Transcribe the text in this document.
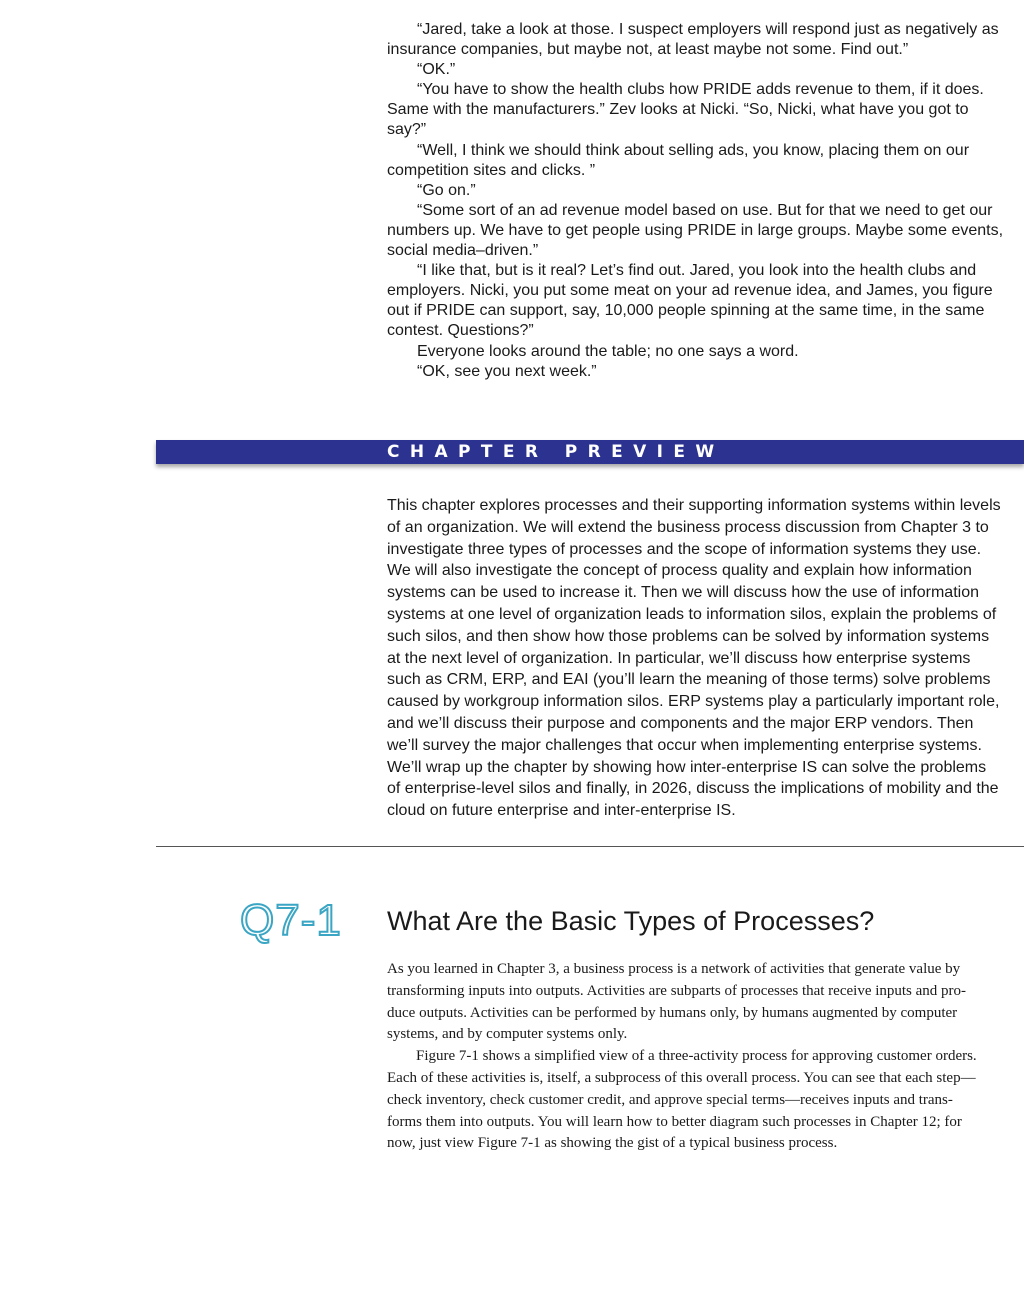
“Jared, take a look at those. I suspect employers will respond just as negatively as
insurance companies, but maybe not, at least maybe not some. Find out.”
“OK.”
“You have to show the health clubs how PRIDE adds revenue to them, if it does.
Same with the manufacturers.” Zev looks at Nicki. “So, Nicki, what have you got to
say?”
“Well, I think we should think about selling ads, you know, placing them on our
competition sites and clicks. ”
“Go on.”
“Some sort of an ad revenue model based on use. But for that we need to get our
numbers up. We have to get people using PRIDE in large groups. Maybe some events,
social media–driven.”
“I like that, but is it real? Let’s find out. Jared, you look into the health clubs and
employers. Nicki, you put some meat on your ad revenue idea, and James, you figure
out if PRIDE can support, say, 10,000 people spinning at the same time, in the same
contest. Questions?”
Everyone looks around the table; no one says a word.
“OK, see you next week.”
CHAPTER PREVIEW
This chapter explores processes and their supporting information systems within levels
of an organization. We will extend the business process discussion from Chapter 3 to
investigate three types of processes and the scope of information systems they use.
We will also investigate the concept of process quality and explain how information
systems can be used to increase it. Then we will discuss how the use of information
systems at one level of organization leads to information silos, explain the problems of
such silos, and then show how those problems can be solved by information systems
at the next level of organization. In particular, we’ll discuss how enterprise systems
such as CRM, ERP, and EAI (you’ll learn the meaning of those terms) solve problems
caused by workgroup information silos. ERP systems play a particularly important role,
and we’ll discuss their purpose and components and the major ERP vendors. Then
we’ll survey the major challenges that occur when implementing enterprise systems.
We’ll wrap up the chapter by showing how inter-enterprise IS can solve the problems
of enterprise-level silos and finally, in 2026, discuss the implications of mobility and the
cloud on future enterprise and inter-enterprise IS.
Q7-1 What Are the Basic Types of Processes?
As you learned in Chapter 3, a business process is a network of activities that generate value by
transforming inputs into outputs. Activities are subparts of processes that receive inputs and pro-
duce outputs. Activities can be performed by humans only, by humans augmented by computer
systems, and by computer systems only.
Figure 7-1 shows a simplified view of a three-activity process for approving customer orders.
Each of these activities is, itself, a subprocess of this overall process. You can see that each step—
check inventory, check customer credit, and approve special terms—receives inputs and trans-
forms them into outputs. You will learn how to better diagram such processes in Chapter 12; for
now, just view Figure 7-1 as showing the gist of a typical business process.
